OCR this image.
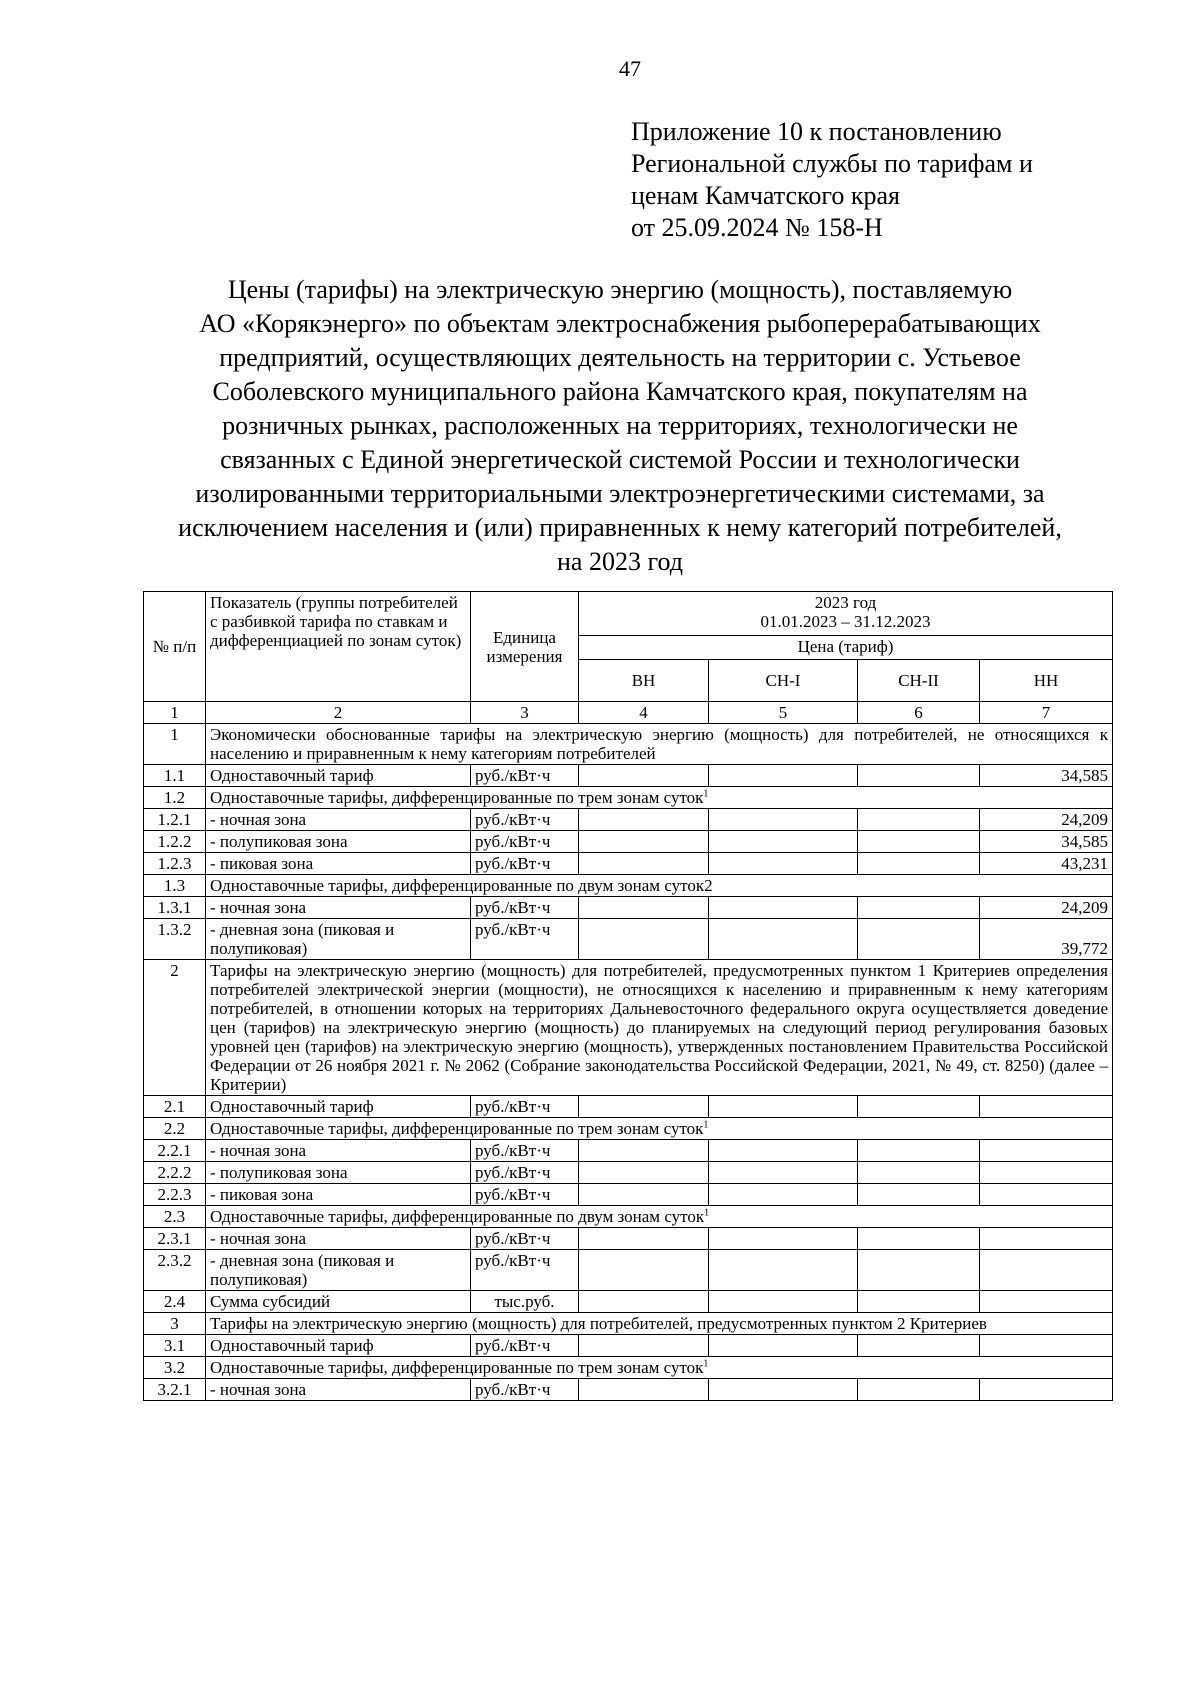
47
Приложение 10 к постановлению
Региональной службы по тарифам и
ценам Камчатского края
от 25.09.2024 № 158-Н
Цены (тарифы) на электрическую энергию (мощность), поставляемую
АО «Корякэнерго» по объектам электроснабжения рыбоперерабатывающих
предприятий, осуществляющих деятельность на территории с. Устьевое
Соболевского муниципального района Камчатского края, покупателям на
розничных рынках, расположенных на территориях, технологически не
связанных с Единой энергетической системой России и технологически
изолированными территориальными электроэнергетическими системами, за
исключением населения и (или) приравненных к нему категорий потребителей,
на 2023 год
№ п/п	Показатель (группы потребителей с разбивкой тарифа по ставкам и дифференциацией по зонам суток)	Единица измерения	2023 год
01.01.2023 – 31.12.2023			

			Цена (тариф)			
			ВН	СН-I	СН-II	НН
1	2	3	4	5	6	7
1	Экономически обоснованные тарифы на электрическую энергию (мощность) для потребителей, не относящихся к населению и приравненным к нему категориям потребителей					
1.1	Одноставочный тариф	руб./кВт·ч				34,585
1.2	Одноставочные тарифы, дифференцированные по трем зонам суток$^1$
1.2.1	- ночная зона	руб./кВт·ч				24,209
1.2.2	- полупиковая зона	руб./кВт·ч				34,585
1.2.3	- пиковая зона	руб./кВт·ч				43,231
1.3	Одноставочные тарифы, дифференцированные по двум зонам суток2					
1.3.1	- ночная зона	руб./кВт·ч				24,209
1.3.2	- дневная зона (пиковая и полупиковая)	руб./кВт·ч				39,772
2	Тарифы на электрическую энергию (мощность) для потребителей, предусмотренных пунктом 1 Критериев определения потребителей электрической энергии (мощности), не относящихся к населению и приравненным к нему категориям потребителей, в отношении которых на территориях Дальневосточного федерального округа осуществляется доведение цен (тарифов) на электрическую энергию (мощность) до планируемых на следующий период регулирования базовых уровней цен (тарифов) на электрическую энергию (мощность), утвержденных постановлением Правительства Российской Федерации от 26 ноября 2021 г. № 2062 (Собрание законодательства Российской Федерации, 2021, № 49, ст. 8250) (далее – Критерии)					
2.1	Одноставочный тариф	руб./кВт·ч				
2.2	Одноставочные тарифы, дифференцированные по трем зонам суток$^1$
2.2.1	- ночная зона	руб./кВт·ч				
2.2.2	- полупиковая зона	руб./кВт·ч				
2.2.3	- пиковая зона	руб./кВт·ч				
2.3	Одноставочные тарифы, дифференцированные по двум зонам суток$^1$
2.3.1	- ночная зона	руб./кВт·ч				
2.3.2	- дневная зона (пиковая и полупиковая)	руб./кВт·ч				
2.4	Сумма субсидий	тыс.руб.				
3	Тарифы на электрическую энергию (мощность) для потребителей, предусмотренных пунктом 2 Критериев					
3.1	Одноставочный тариф	руб./кВт·ч				
3.2	Одноставочные тарифы, дифференцированные по трем зонам суток$^1$
3.2.1	- ночная зона	руб./кВт·ч				
